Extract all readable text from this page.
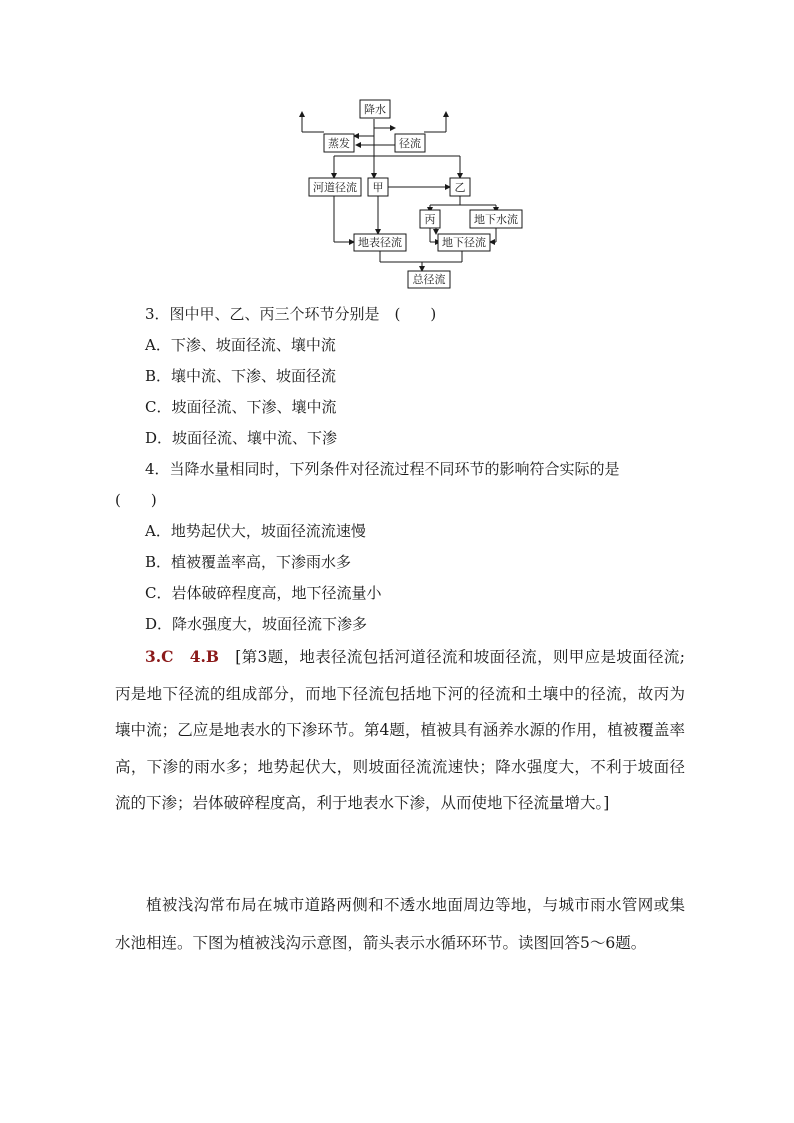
降水
蒸发	径流
河道径流 甲	乙
丙	地下水流
地表径流	地下径流
总径流
3．图中甲、乙、丙三个环节分别是　(　　)
A．下渗、坡面径流、壤中流
B．壤中流、下渗、坡面径流
C．坡面径流、下渗、壤中流
D．坡面径流、壤中流、下渗
4．当降水量相同时，下列条件对径流过程不同环节的影响符合实际的是
(　　)
A．地势起伏大，坡面径流流速慢
B．植被覆盖率高，下渗雨水多
C．岩体破碎程度高，地下径流量小
D．降水强度大，坡面径流下渗多
3.C　4.B　[第3题，地表径流包括河道径流和坡面径流，则甲应是坡面径流;丙是地下径流的组成部分，而地下径流包括地下河的径流和土壤中的径流，故丙为壤中流；乙应是地表水的下渗环节。第4题，植被具有涵养水源的作用，植被覆盖率高，下渗的雨水多；地势起伏大，则坡面径流流速快；降水强度大，不利于坡面径流的下渗；岩体破碎程度高，利于地表水下渗，从而使地下径流量增大。]
植被浅沟常布局在城市道路两侧和不透水地面周边等地，与城市雨水管网或集水池相连。下图为植被浅沟示意图，箭头表示水循环环节。读图回答5～6题。
